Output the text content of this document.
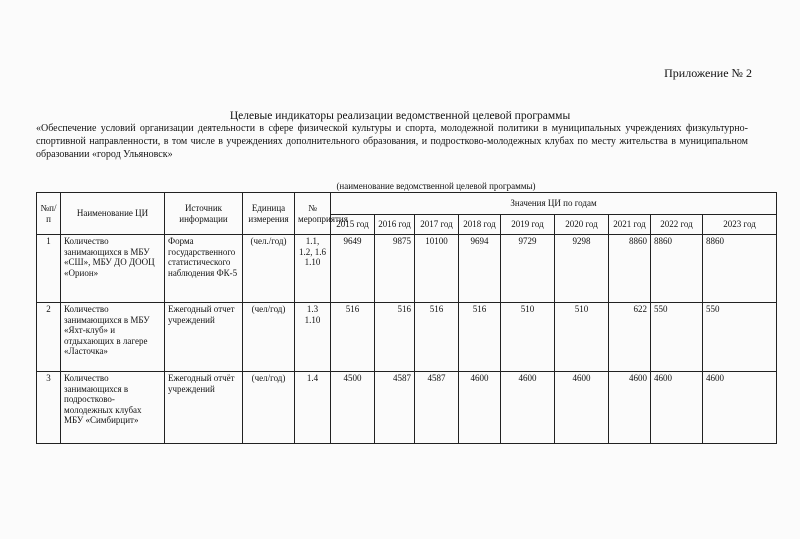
Приложение № 2
Целевые индикаторы реализации ведомственной целевой программы
«Обеспечение условий организации деятельности в сфере физической культуры и спорта, молодежной политики в муниципальных учреждениях физкультурно-спортивной направленности, в том числе в учреждениях дополнительного образования, и подростково-молодежных клубах по месту жительства в муниципальном образовании «город Ульяновск»
(наименование ведомственной целевой программы)
№п/п	Наименование ЦИ	Источник информации	Единица измерения	№ мероприятия	Значения ЦИ по годам								
					2015 год	2016 год	2017 год	2018 год	2019 год	2020 год	2021 год	2022 год	2023 год
1	Количество занимающихся в МБУ «СШ», МБУ ДО ДООЦ «Орион»	Форма государственного статистического наблюдения ФК-5	(чел./год)	1.1, 1.2, 1.6 1.10	9649	9875	10100	9694	9729	9298	8860	8860	8860
2	Количество занимающихся в МБУ «Яхт-клуб» и отдыхающих в лагере «Ласточка»	Ежегодный отчет учреждений	(чел/год)	1.3 1.10	516	516	516	516	510	510	622	550	550
3	Количество занимающихся в подростково-молодежных клубах МБУ «Симбирцит»	Ежегодный отчёт учреждений	(чел/год)	1.4	4500	4587	4587	4600	4600	4600	4600	4600	4600
